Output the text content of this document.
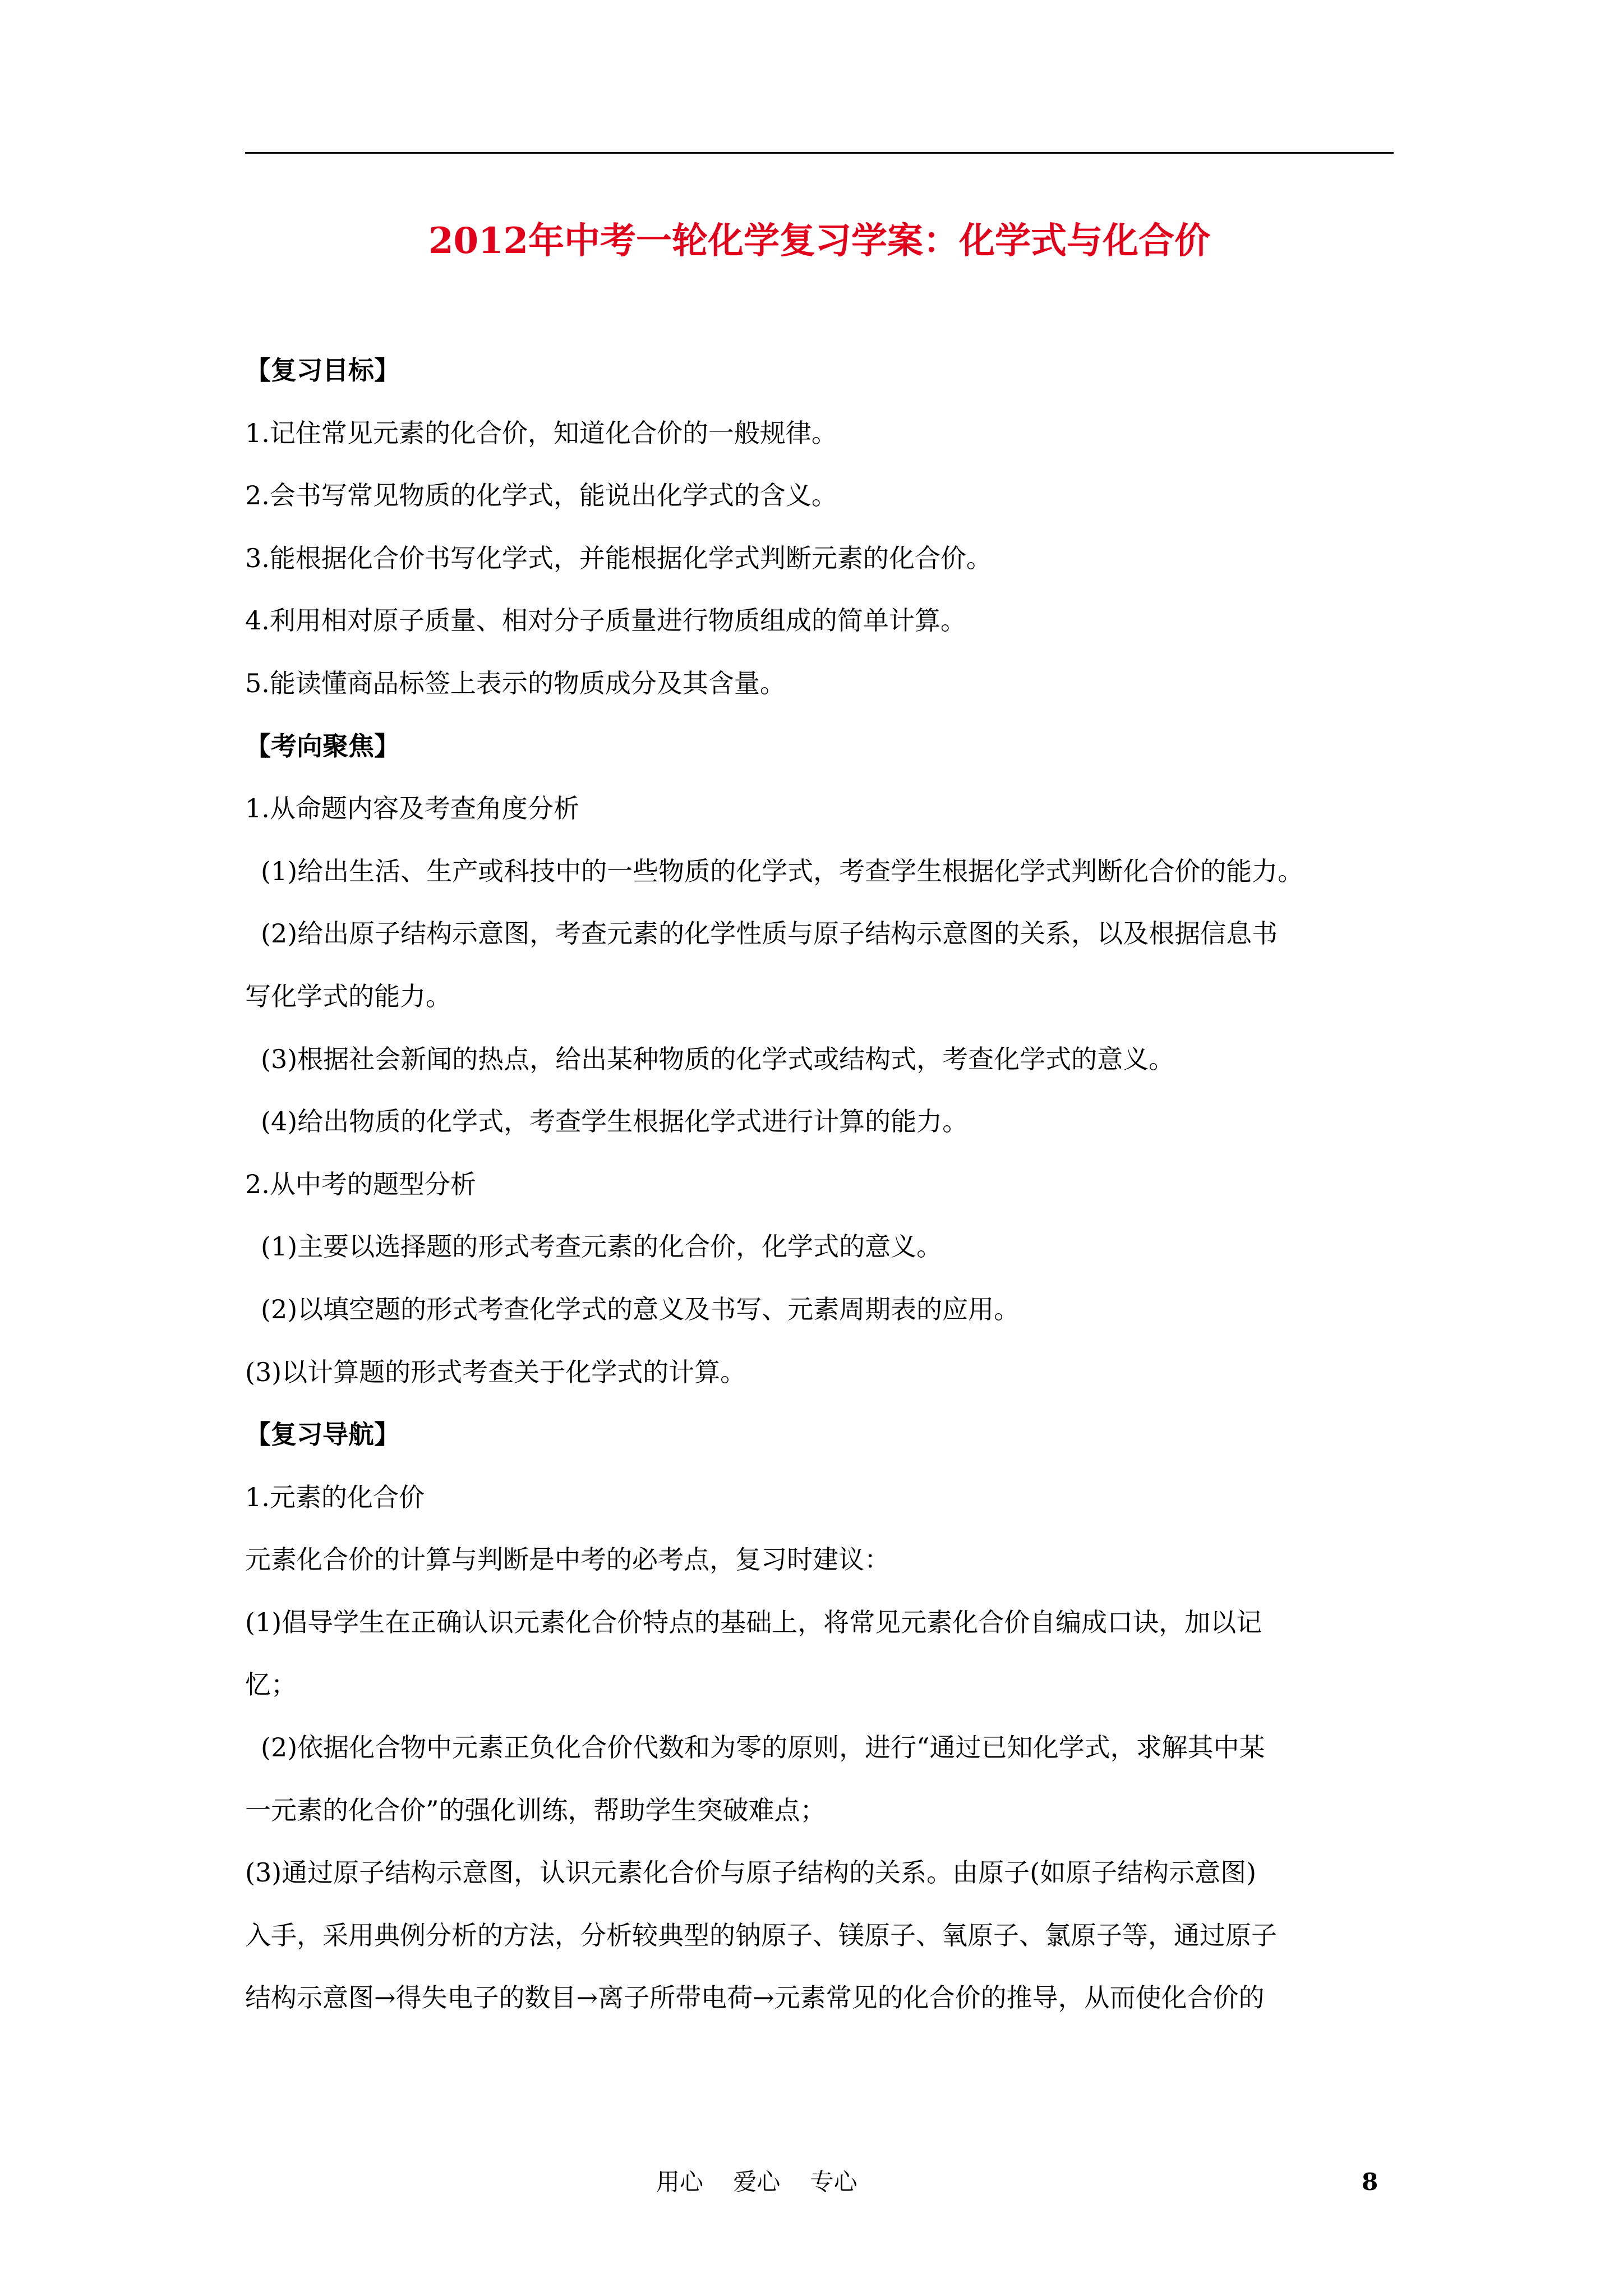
2012年中考一轮化学复习学案：化学式与化合价
【复习目标】
1.记住常见元素的化合价，知道化合价的一般规律。
2.会书写常见物质的化学式，能说出化学式的含义。
3.能根据化合价书写化学式，并能根据化学式判断元素的化合价。
4.利用相对原子质量、相对分子质量进行物质组成的简单计算。
5.能读懂商品标签上表示的物质成分及其含量。
【考向聚焦】
1.从命题内容及考查角度分析
(1)给出生活、生产或科技中的一些物质的化学式，考查学生根据化学式判断化合价的能力。
(2)给出原子结构示意图，考查元素的化学性质与原子结构示意图的关系，以及根据信息书
写化学式的能力。
(3)根据社会新闻的热点，给出某种物质的化学式或结构式，考查化学式的意义。
(4)给出物质的化学式，考查学生根据化学式进行计算的能力。
2.从中考的题型分析
(1)主要以选择题的形式考查元素的化合价，化学式的意义。
(2)以填空题的形式考查化学式的意义及书写、元素周期表的应用。
(3)以计算题的形式考查关于化学式的计算。
【复习导航】
1.元素的化合价
元素化合价的计算与判断是中考的必考点，复习时建议：
(1)倡导学生在正确认识元素化合价特点的基础上，将常见元素化合价自编成口诀，加以记
忆；
(2)依据化合物中元素正负化合价代数和为零的原则，进行“通过已知化学式，求解其中某
一元素的化合价”的强化训练，帮助学生突破难点；
(3)通过原子结构示意图，认识元素化合价与原子结构的关系。由原子(如原子结构示意图)
入手，采用典例分析的方法，分析较典型的钠原子、镁原子、氧原子、氯原子等，通过原子
结构示意图→得失电子的数目→离子所带电荷→元素常见的化合价的推导，从而使化合价的
用心    爱心    专心	8
